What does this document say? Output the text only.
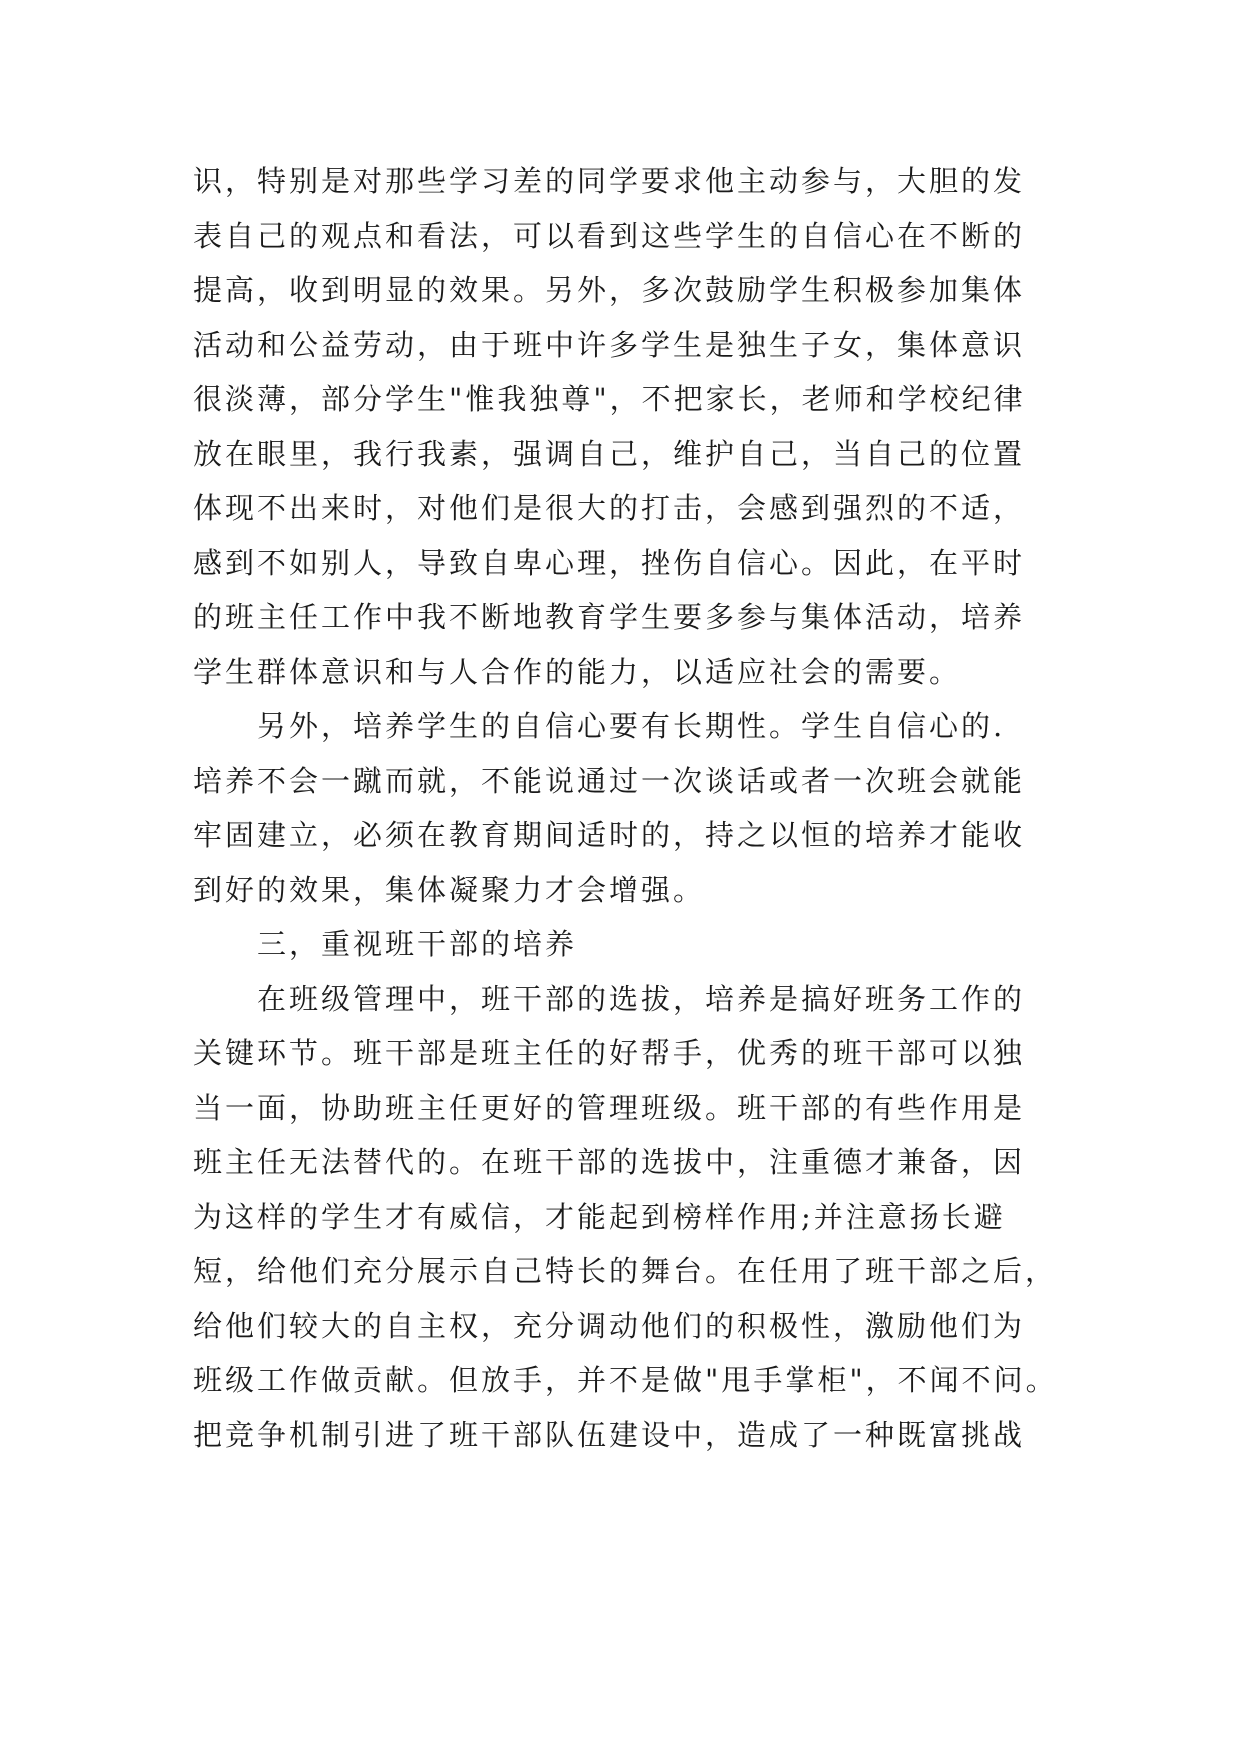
识，特别是对那些学习差的同学要求他主动参与，大胆的发
表自己的观点和看法，可以看到这些学生的自信心在不断的
提高，收到明显的效果。另外，多次鼓励学生积极参加集体
活动和公益劳动，由于班中许多学生是独生子女，集体意识
很淡薄，部分学生"惟我独尊"，不把家长，老师和学校纪律
放在眼里，我行我素，强调自己，维护自己，当自己的位置
体现不出来时，对他们是很大的打击，会感到强烈的不适，
感到不如别人，导致自卑心理，挫伤自信心。因此，在平时
的班主任工作中我不断地教育学生要多参与集体活动，培养
学生群体意识和与人合作的能力，以适应社会的需要。
另外，培养学生的自信心要有长期性。学生自信心的.
培养不会一蹴而就，不能说通过一次谈话或者一次班会就能
牢固建立，必须在教育期间适时的，持之以恒的培养才能收
到好的效果，集体凝聚力才会增强。
三，重视班干部的培养
在班级管理中，班干部的选拔，培养是搞好班务工作的
关键环节。班干部是班主任的好帮手，优秀的班干部可以独
当一面，协助班主任更好的管理班级。班干部的有些作用是
班主任无法替代的。在班干部的选拔中，注重德才兼备，因
为这样的学生才有威信，才能起到榜样作用;并注意扬长避
短，给他们充分展示自己特长的舞台。在任用了班干部之后，
给他们较大的自主权，充分调动他们的积极性，激励他们为
班级工作做贡献。但放手，并不是做"甩手掌柜"，不闻不问。
把竞争机制引进了班干部队伍建设中，造成了一种既富挑战
